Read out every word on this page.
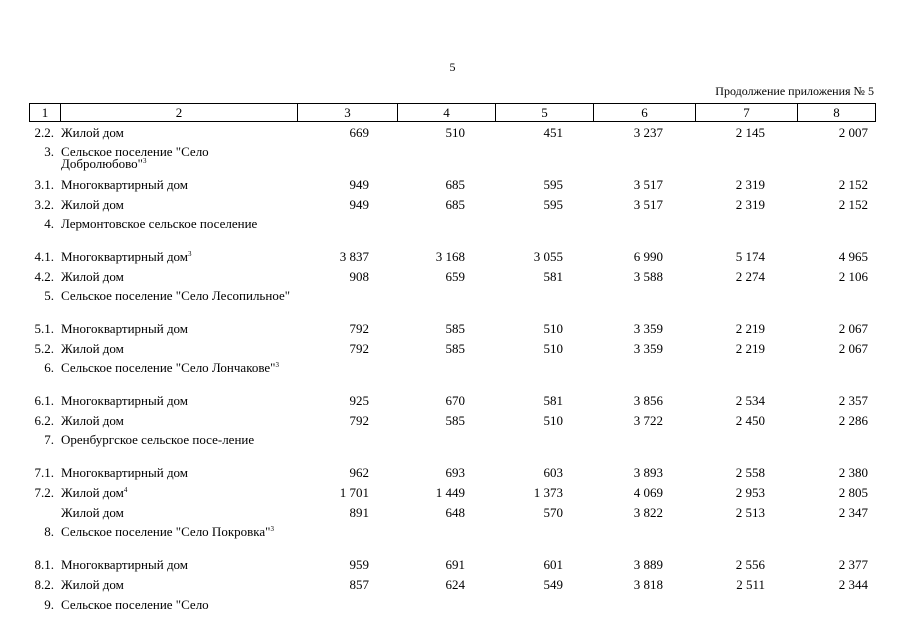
5
Продолжение приложения № 5
1	2	3	4	5	6	7	8
2.2. Жилой дом	669	510	451	3 237	2 145	2 007
3. Сельское поселение "Село Добролюбово"$^3$
3.1. Многоквартирный дом	949	685	595	3 517	2 319	2 152
3.2. Жилой дом	949	685	595	3 517	2 319	2 152
4. Лермонтовское сельское поселение
4.1. Многоквартирный дом$^3$	3 837	3 168	3 055	6 990	5 174	4 965
4.2. Жилой дом	908	659	581	3 588	2 274	2 106
5. Сельское поселение "Село Лесопильное"
5.1. Многоквартирный дом	792	585	510	3 359	2 219	2 067
5.2. Жилой дом	792	585	510	3 359	2 219	2 067
6. Сельское поселение "Село Лончакове"$^3$
6.1. Многоквартирный дом	925	670	581	3 856	2 534	2 357
6.2. Жилой дом	792	585	510	3 722	2 450	2 286
7. Оренбургское сельское посе-ление
7.1. Многоквартирный дом	962	693	603	3 893	2 558	2 380
7.2. Жилой дом$^4$	1 701	1 449	1 373	4 069	2 953	2 805
Жилой дом	891	648	570	3 822	2 513	2 347
8. Сельское поселение "Село Покровка"$^3$
8.1. Многоквартирный дом	959	691	601	3 889	2 556	2 377
8.2. Жилой дом	857	624	549	3 818	2 511	2 344
9. Сельское поселение "Село
